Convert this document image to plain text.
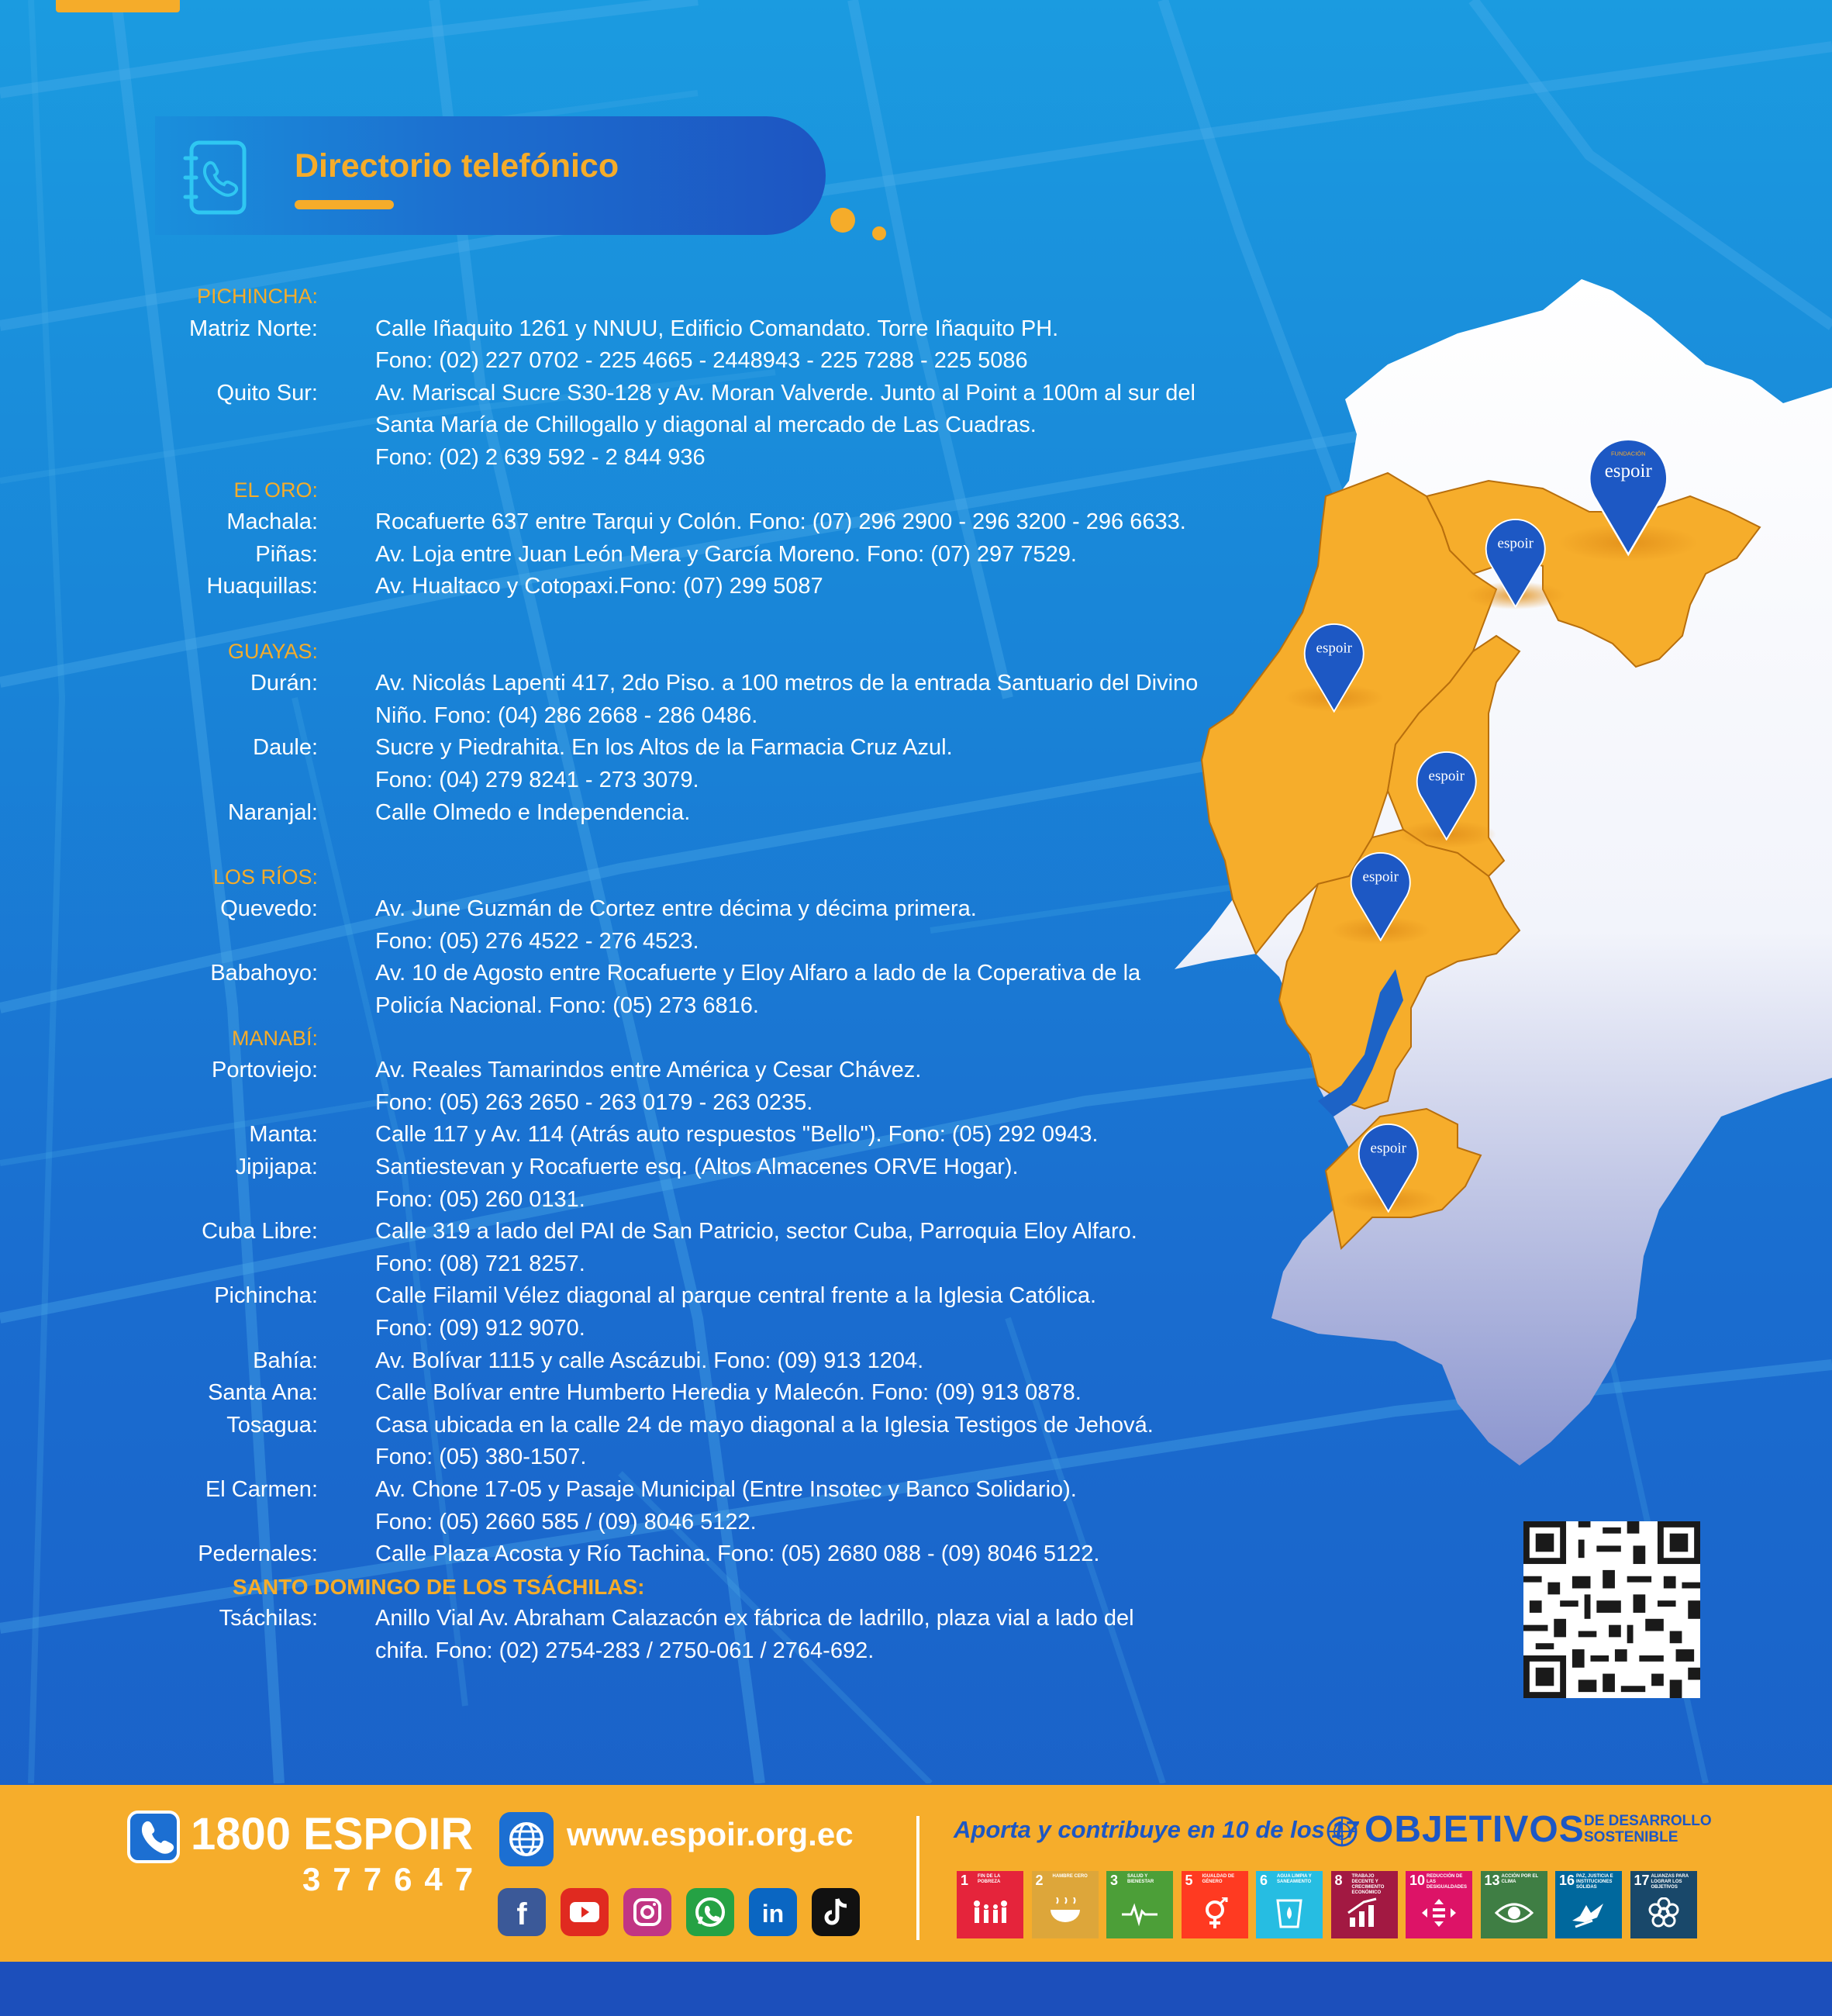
Directorio telefónico
PICHINCHA:
Matriz Norte:	Calle Iñaquito 1261 y NNUU, Edificio Comandato. Torre Iñaquito PH.
Fono: (02) 227 0702 - 225 4665 - 2448943 - 225 7288 - 225 5086
Quito Sur:	Av. Mariscal Sucre S30-128 y Av. Moran Valverde. Junto al Point a 100m al sur del
Santa María de Chillogallo y diagonal al mercado de Las Cuadras.
Fono: (02) 2 639 592 - 2 844 936
EL ORO:
Machala:	Rocafuerte 637 entre Tarqui y Colón. Fono: (07) 296 2900 - 296 3200 - 296 6633.
Piñas:	Av. Loja entre Juan León Mera y García Moreno. Fono: (07) 297 7529.
Huaquillas:	Av. Hualtaco y Cotopaxi.Fono: (07) 299 5087
GUAYAS:
Durán:	Av. Nicolás Lapenti 417, 2do Piso. a 100 metros de la entrada Santuario del Divino
Niño. Fono: (04) 286 2668 - 286 0486.
Daule:	Sucre y Piedrahita. En los Altos de la Farmacia Cruz Azul.
Fono: (04) 279 8241 - 273 3079.
Naranjal:	Calle Olmedo e Independencia.
LOS RÍOS:
Quevedo:	Av. June Guzmán de Cortez entre décima y décima primera.
Fono: (05) 276 4522 - 276 4523.
Babahoyo:	Av. 10 de Agosto entre Rocafuerte y Eloy Alfaro a lado de la Coperativa de la
Policía Nacional. Fono: (05) 273 6816.
MANABÍ:
Portoviejo:	Av. Reales Tamarindos entre América y Cesar Chávez.
Fono: (05) 263 2650 - 263 0179 - 263 0235.
Manta:	Calle 117 y Av. 114 (Atrás auto respuestos "Bello"). Fono: (05) 292 0943.
Jipijapa:	Santiestevan y Rocafuerte esq. (Altos Almacenes ORVE Hogar).
Fono: (05) 260 0131.
Cuba Libre:	Calle 319 a lado del PAI de San Patricio, sector Cuba, Parroquia Eloy Alfaro.
Fono: (08) 721 8257.
Pichincha:	Calle Filamil Vélez diagonal al parque central frente a la Iglesia Católica.
Fono: (09) 912 9070.
Bahía:	Av. Bolívar 1115 y calle Ascázubi. Fono: (09) 913 1204.
Santa Ana:	Calle Bolívar entre Humberto Heredia y Malecón. Fono: (09) 913 0878.
Tosagua:	Casa ubicada en la calle 24 de mayo diagonal a la Iglesia Testigos de Jehová.
Fono: (05) 380-1507.
El Carmen:	Av. Chone 17-05 y Pasaje Municipal (Entre Insotec y Banco Solidario).
Fono: (05) 2660 585 / (09) 8046 5122.
Pedernales:	Calle Plaza Acosta y Río Tachina. Fono: (05) 2680 088 - (09) 8046 5122.
SANTO DOMINGO DE LOS TSÁCHILAS:
Tsáchilas:	Anillo Vial Av. Abraham Calazacón ex fábrica de ladrillo, plaza vial a lado del
chifa. Fono: (02) 2754-283 / 2750-061 / 2764-692.
espoir
FUNDACIÓN
espoir
espoir
espoir
espoir
espoir
1800 ESPOIR
377647
www.espoir.org.ec
f	in
Aporta y contribuye en 10 de los 17 OBJETIVOS DE DESARROLLO
SOSTENIBLE
1 FIN DE LA POBREZA	2 HAMBRE CERO	3 SALUD Y BIENESTAR	5 IGUALDAD DE GÉNERO	6 AGUA LIMPIA Y SANEAMIENTO	8 TRABAJO DECENTE Y CRECIMIENTO ECONÓMICO
10 REDUCCIÓN DE LAS DESIGUALDADES 13 ACCIÓN POR EL CLIMA	16 PAZ, JUSTICIA E INSTITUCIONES SÓLIDAS	17 ALIANZAS PARA LOGRAR LOS OBJETIVOS
